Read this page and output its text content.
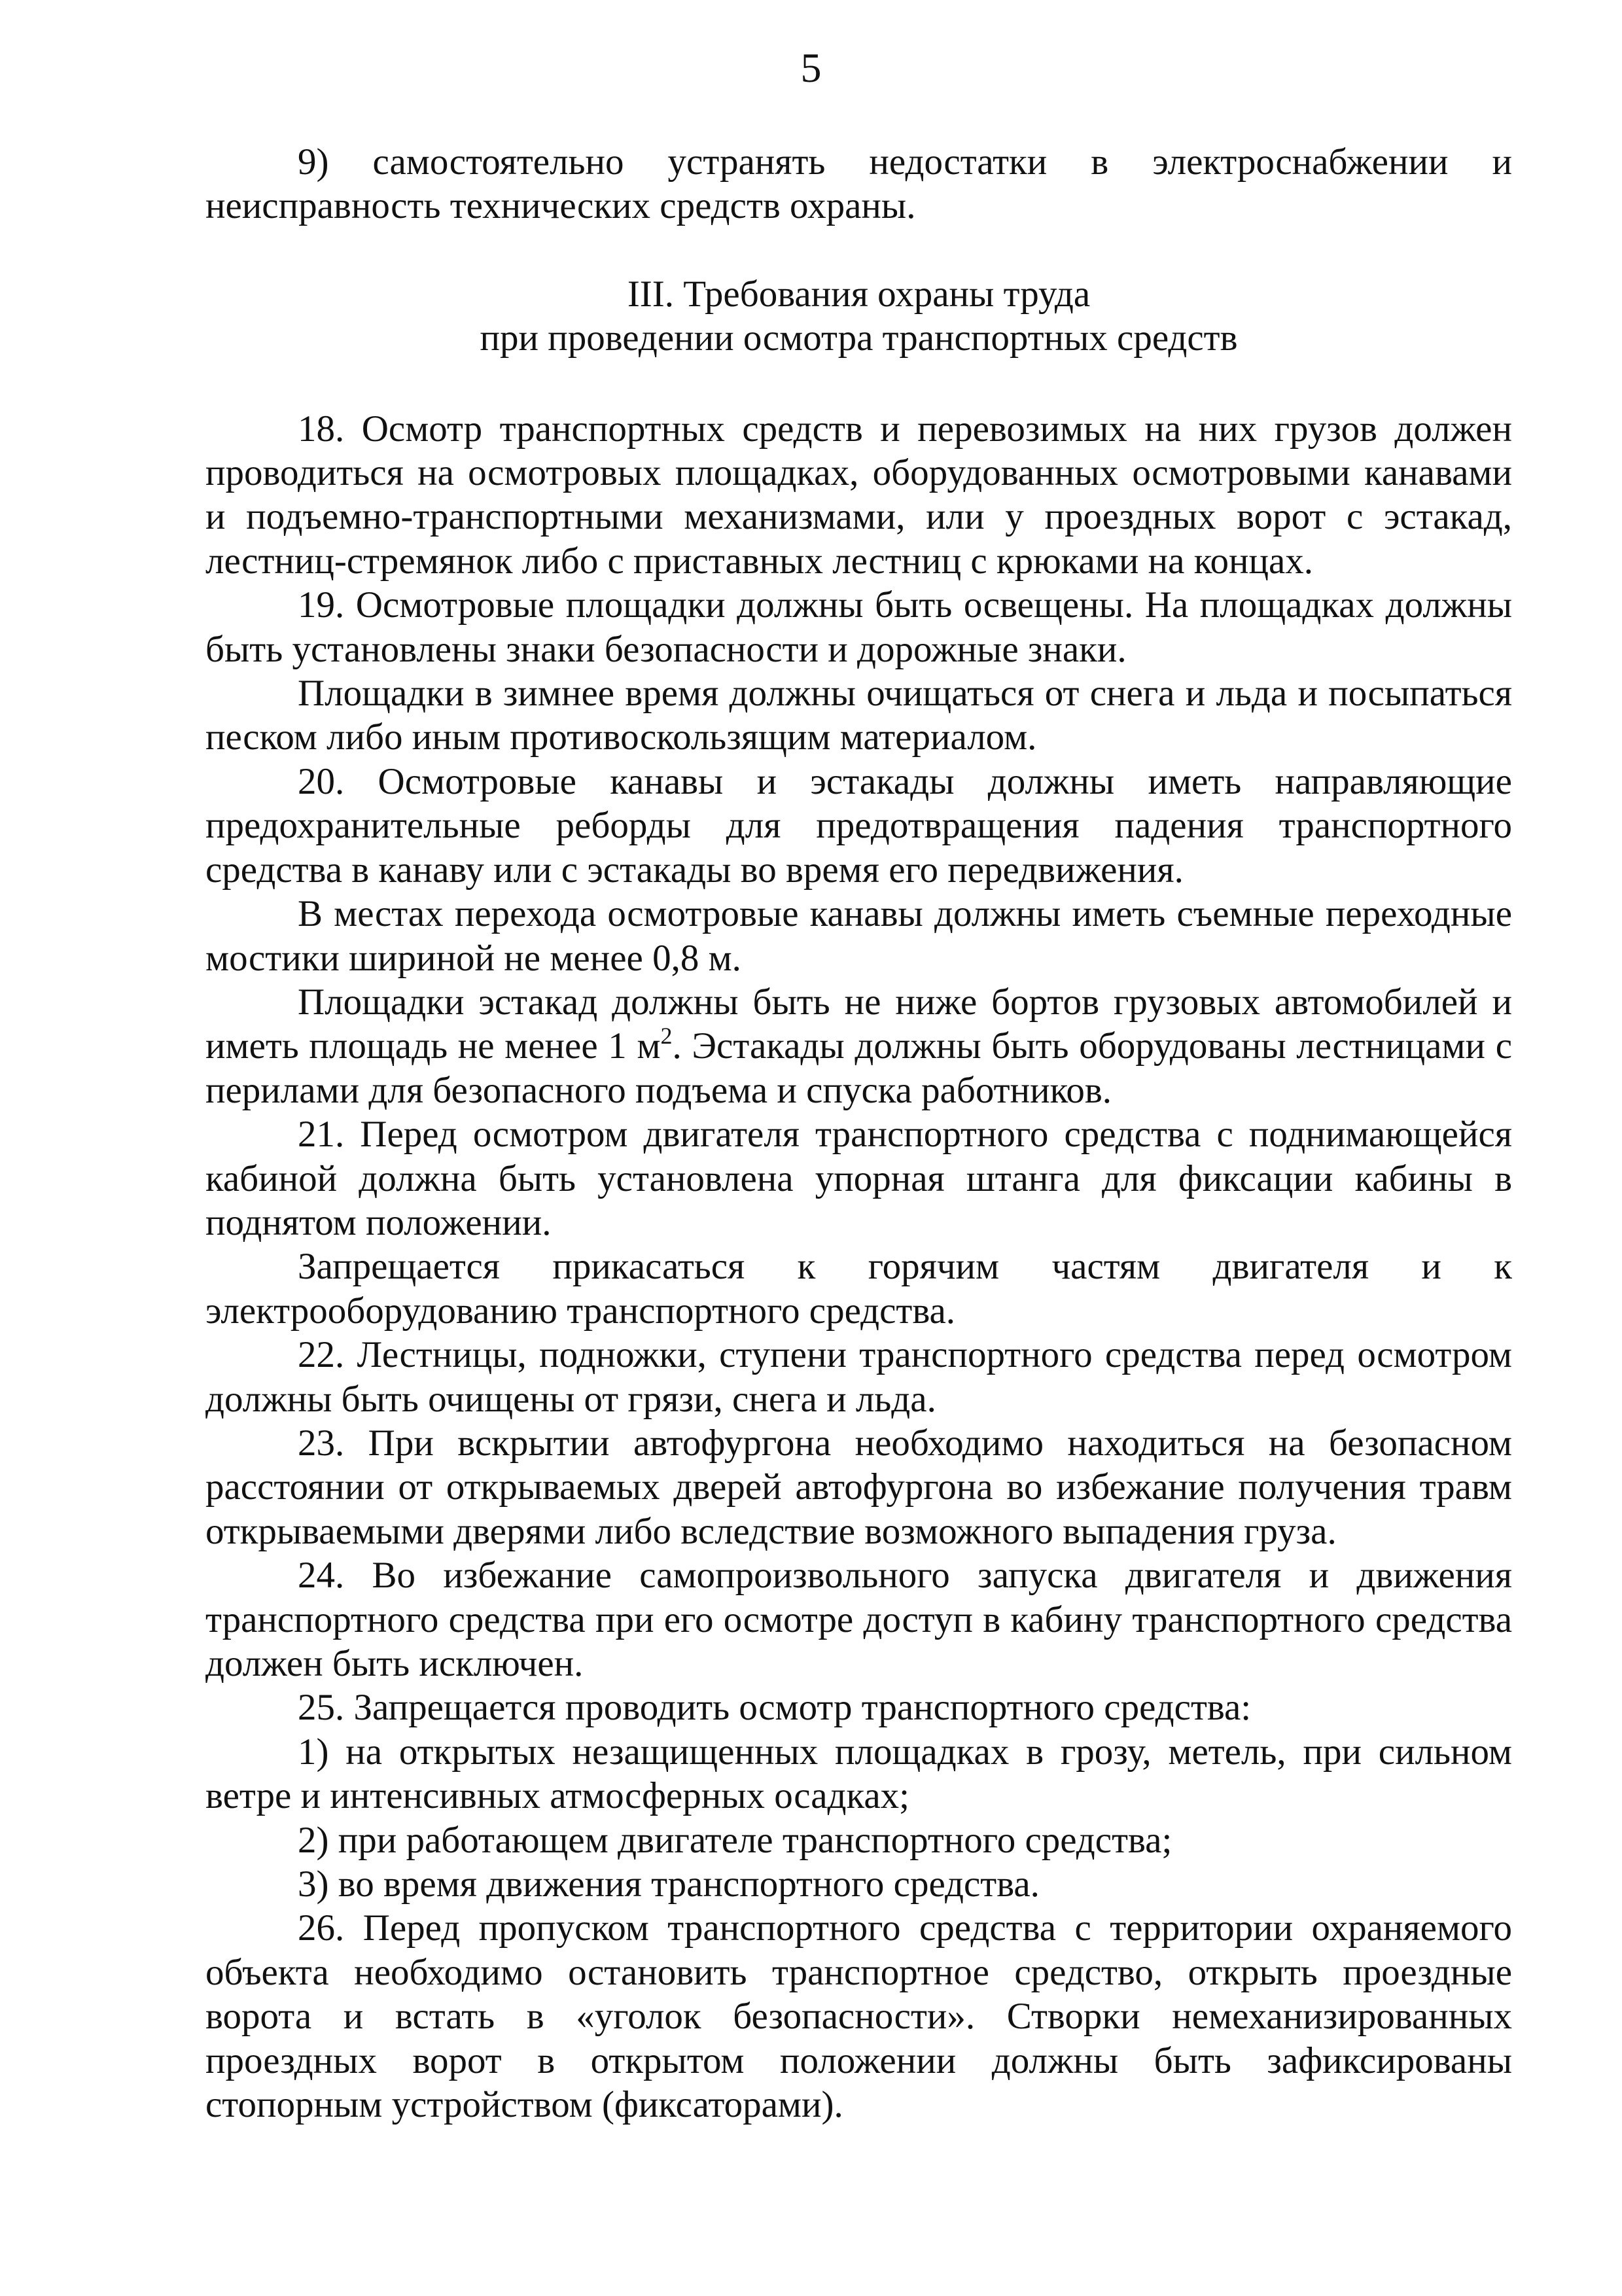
5

9) самостоятельно устранять недостатки в электроснабжении и неисправность технических средств охраны.

III. Требования охраны труда
при проведении осмотра транспортных средств

18. Осмотр транспортных средств и перевозимых на них грузов должен проводиться на осмотровых площадках, оборудованных осмотровыми канавами и подъемно-транспортными механизмами, или у проездных ворот с эстакад, лестниц-стремянок либо с приставных лестниц с крюками на концах.

19. Осмотровые площадки должны быть освещены. На площадках должны быть установлены знаки безопасности и дорожные знаки.

Площадки в зимнее время должны очищаться от снега и льда и посыпаться песком либо иным противоскользящим материалом.

20. Осмотровые канавы и эстакады должны иметь направляющие предохранительные реборды для предотвращения падения транспортного средства в канаву или с эстакады во время его передвижения.

В местах перехода осмотровые канавы должны иметь съемные переходные мостики шириной не менее 0,8 м.

Площадки эстакад должны быть не ниже бортов грузовых автомобилей и иметь площадь не менее 1 $м^2$. Эстакады должны быть оборудованы лестницами с перилами для безопасного подъема и спуска работников.

21. Перед осмотром двигателя транспортного средства с поднимающейся кабиной должна быть установлена упорная штанга для фиксации кабины в поднятом положении.

Запрещается прикасаться к горячим частям двигателя и к электрооборудованию транспортного средства.

22. Лестницы, подножки, ступени транспортного средства перед осмотром должны быть очищены от грязи, снега и льда.

23. При вскрытии автофургона необходимо находиться на безопасном расстоянии от открываемых дверей автофургона во избежание получения травм открываемыми дверями либо вследствие возможного выпадения груза.

24. Во избежание самопроизвольного запуска двигателя и движения транспортного средства при его осмотре доступ в кабину транспортного средства должен быть исключен.

25. Запрещается проводить осмотр транспортного средства:

1) на открытых незащищенных площадках в грозу, метель, при сильном ветре и интенсивных атмосферных осадках;

2) при работающем двигателе транспортного средства;

3) во время движения транспортного средства.

26. Перед пропуском транспортного средства с территории охраняемого объекта необходимо остановить транспортное средство, открыть проездные ворота и встать в «уголок безопасности». Створки немеханизированных проездных ворот в открытом положении должны быть зафиксированы стопорным устройством (фиксаторами).
